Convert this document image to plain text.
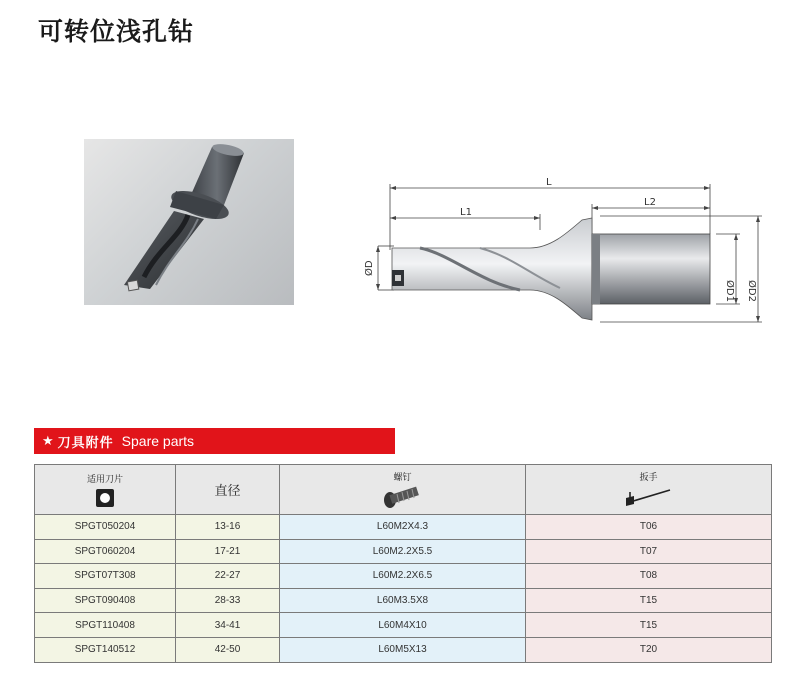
可转位浅孔钻
L
L1
L2
ØD
ØD1 ØD2
★ 刀具附件 Spare parts
适用刀片	直径	螺钉	扳手

SPGT050204	13-16	L60M2X4.3	T06
SPGT060204	17-21	L60M2.2X5.5	T07
SPGT07T308	22-27	L60M2.2X6.5	T08
SPGT090408	28-33	L60M3.5X8	T15
SPGT110408	34-41	L60M4X10	T15
SPGT140512	42-50	L60M5X13	T20
